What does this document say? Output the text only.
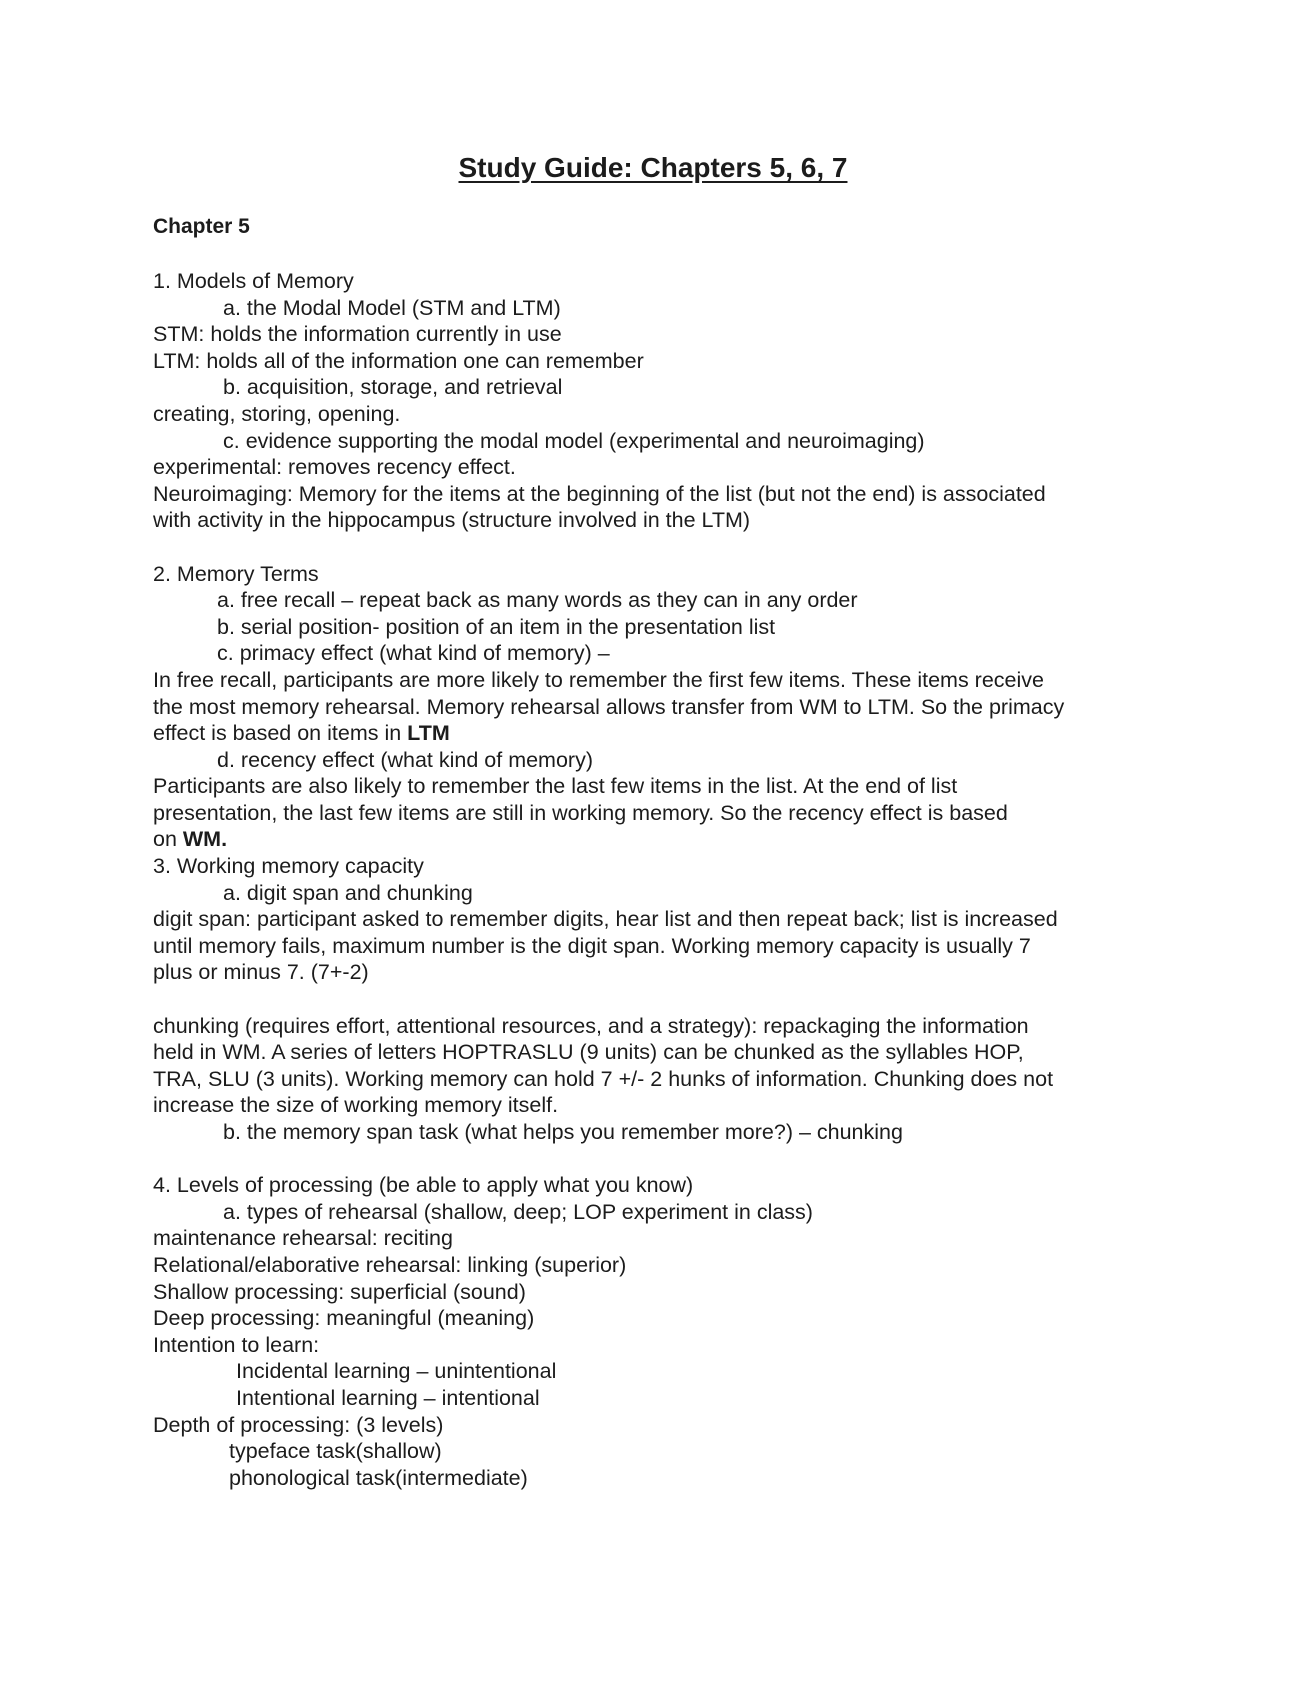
Study Guide: Chapters 5, 6, 7
Chapter 5
1. Models of Memory
a. the Modal Model (STM and LTM)
STM: holds the information currently in use
LTM: holds all of the information one can remember
b. acquisition, storage, and retrieval
creating, storing, opening.
c. evidence supporting the modal model (experimental and neuroimaging)
experimental: removes recency effect.
Neuroimaging: Memory for the items at the beginning of the list (but not the end) is associated
with activity in the hippocampus (structure involved in the LTM)
2. Memory Terms
a. free recall – repeat back as many words as they can in any order
b. serial position- position of an item in the presentation list
c. primacy effect (what kind of memory) –
In free recall, participants are more likely to remember the first few items. These items receive
the most memory rehearsal. Memory rehearsal allows transfer from WM to LTM. So the primacy
effect is based on items in LTM
d. recency effect (what kind of memory)
Participants are also likely to remember the last few items in the list. At the end of list
presentation, the last few items are still in working memory. So the recency effect is based
on WM.
3. Working memory capacity
a. digit span and chunking
digit span: participant asked to remember digits, hear list and then repeat back; list is increased
until memory fails, maximum number is the digit span. Working memory capacity is usually 7
plus or minus 7. (7+-2)
chunking (requires effort, attentional resources, and a strategy): repackaging the information
held in WM. A series of letters HOPTRASLU (9 units) can be chunked as the syllables HOP,
TRA, SLU (3 units). Working memory can hold 7 +/- 2 hunks of information. Chunking does not
increase the size of working memory itself.
b. the memory span task (what helps you remember more?) – chunking
4. Levels of processing (be able to apply what you know)
a. types of rehearsal (shallow, deep; LOP experiment in class)
maintenance rehearsal: reciting
Relational/elaborative rehearsal: linking (superior)
Shallow processing: superficial (sound)
Deep processing: meaningful (meaning)
Intention to learn:
Incidental learning – unintentional
Intentional learning – intentional
Depth of processing: (3 levels)
typeface task(shallow)
phonological task(intermediate)
